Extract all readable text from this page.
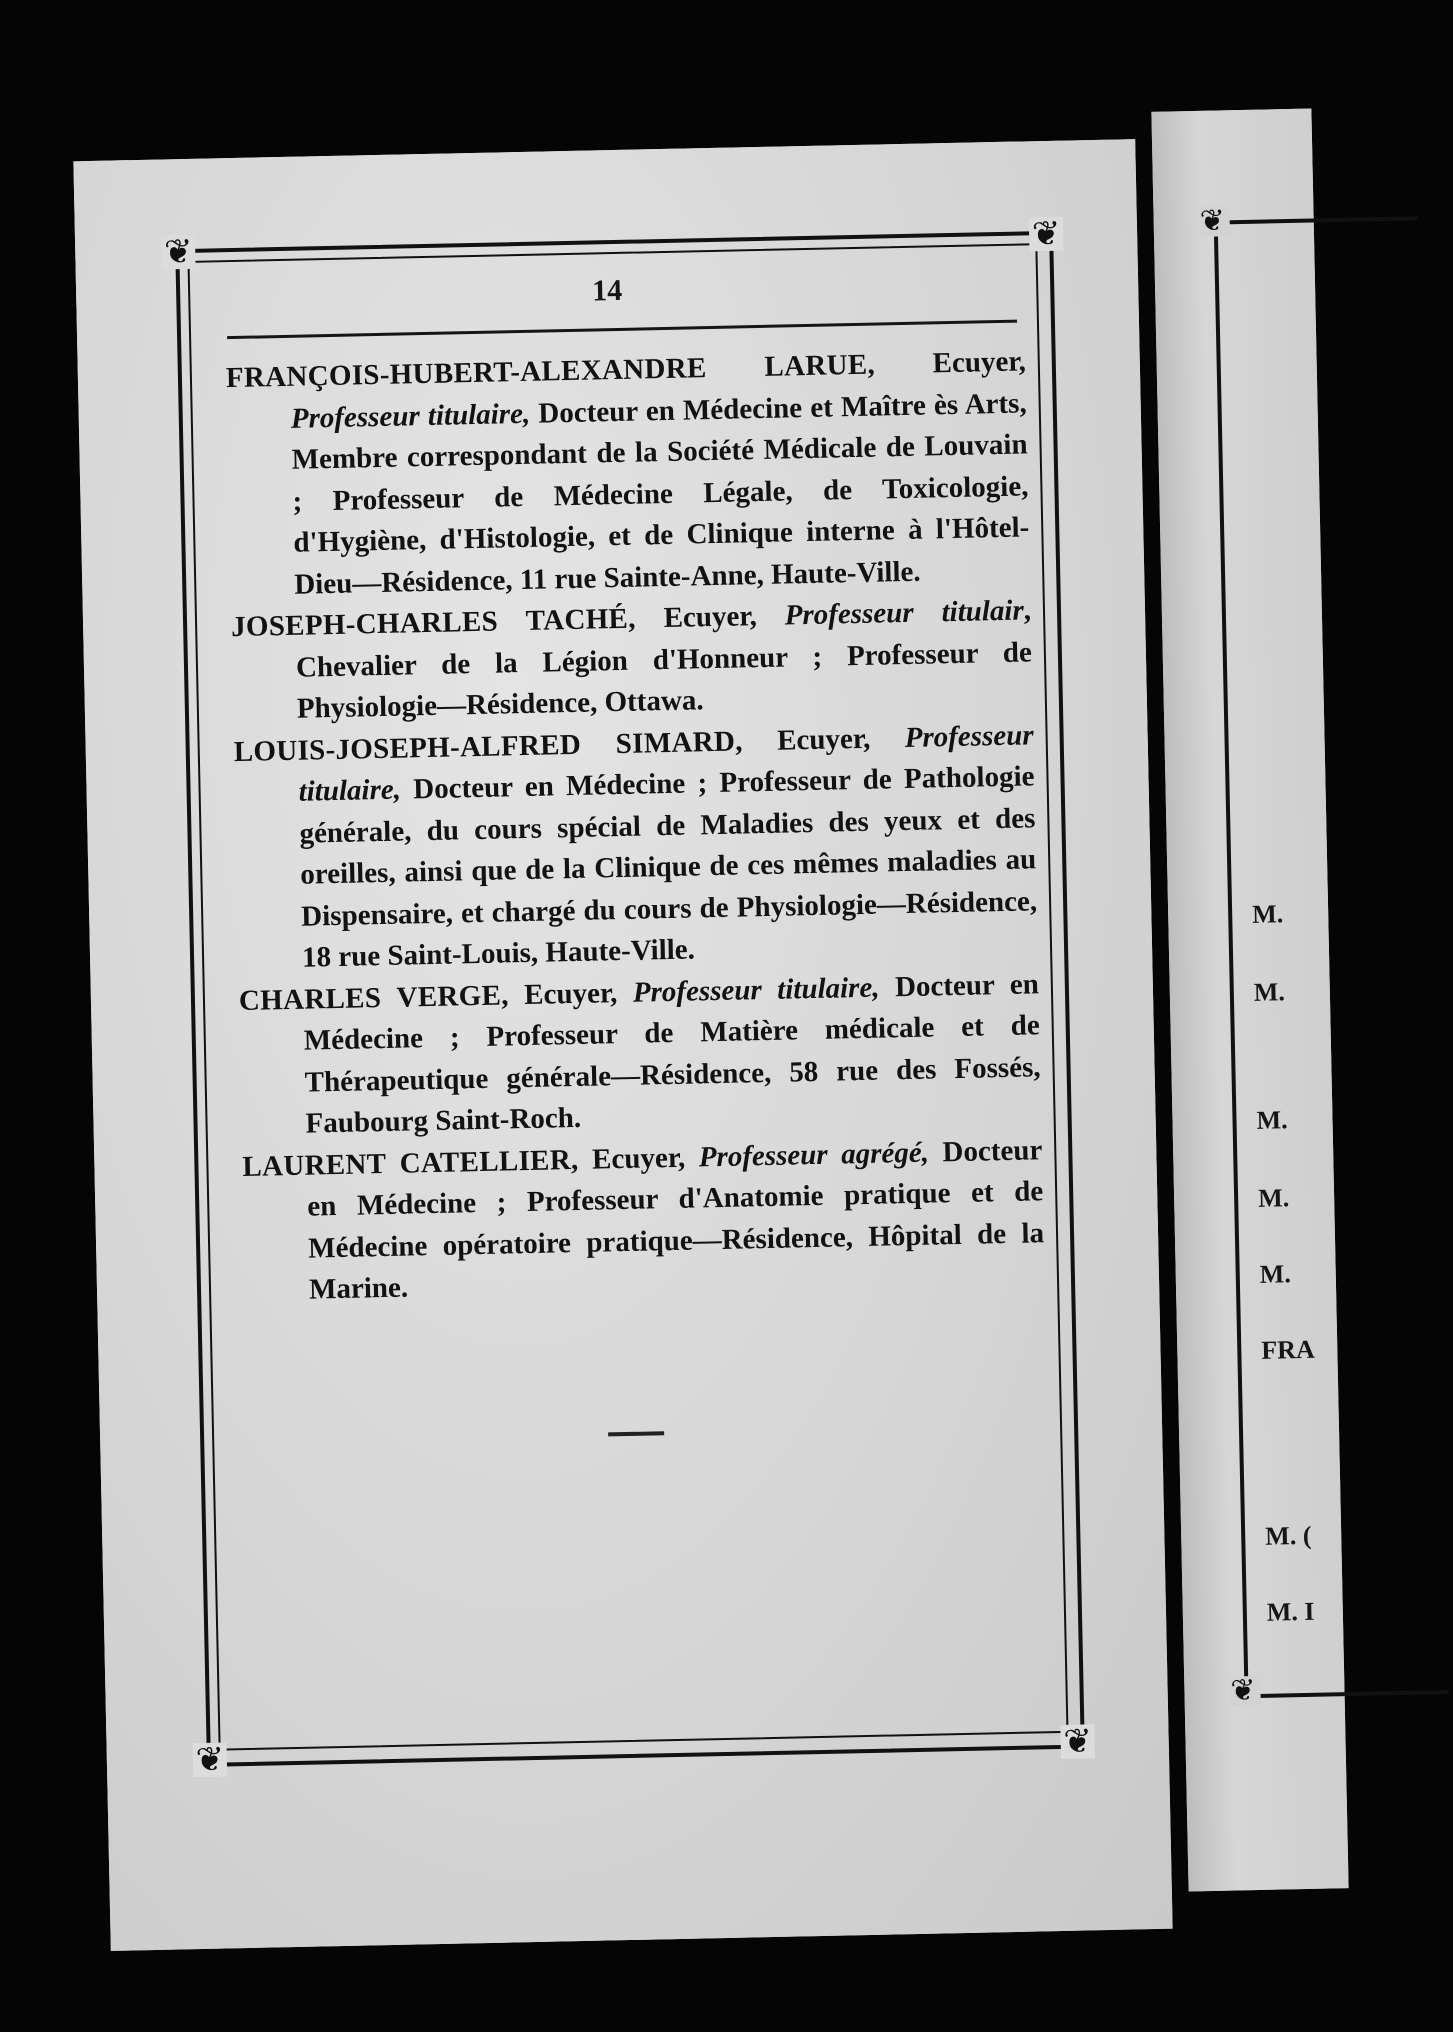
❦	❦
❦	❦
14

FRANÇOIS-HUBERT-ALEXANDRE LARUE, Ecuyer, Professeur titulaire, Docteur en Médecine et Maître ès Arts, Membre correspondant de la Société Médicale de Louvain ; Professeur de Médecine Légale, de Toxicologie, d'Hygiène, d'Histologie, et de Clinique interne à l'Hôtel-Dieu—Résidence, 11 rue Sainte-Anne, Haute-Ville.

JOSEPH-CHARLES TACHÉ, Ecuyer, Professeur titulair, Chevalier de la Légion d'Honneur ; Professeur de Physiologie—Résidence, Ottawa.

LOUIS-JOSEPH-ALFRED SIMARD, Ecuyer, Professeur titulaire, Docteur en Médecine ; Professeur de Pathologie générale, du cours spécial de Maladies des yeux et des oreilles, ainsi que de la Clinique de ces mêmes maladies au Dispensaire, et chargé du cours de Physiologie—Résidence, 18 rue Saint-Louis, Haute-Ville.

CHARLES VERGE, Ecuyer, Professeur titulaire, Docteur en Médecine ; Professeur de Matière médicale et de Thérapeutique générale—Résidence, 58 rue des Fossés, Faubourg Saint-Roch.

LAURENT CATELLIER, Ecuyer, Professeur agrégé, Docteur en Médecine ; Professeur d'Anatomie pratique et de Médecine opératoire pratique—Résidence, Hôpital de la Marine.

❦
❦
M.
M.
M.
M.
M.
FRA
M. (
M. I
